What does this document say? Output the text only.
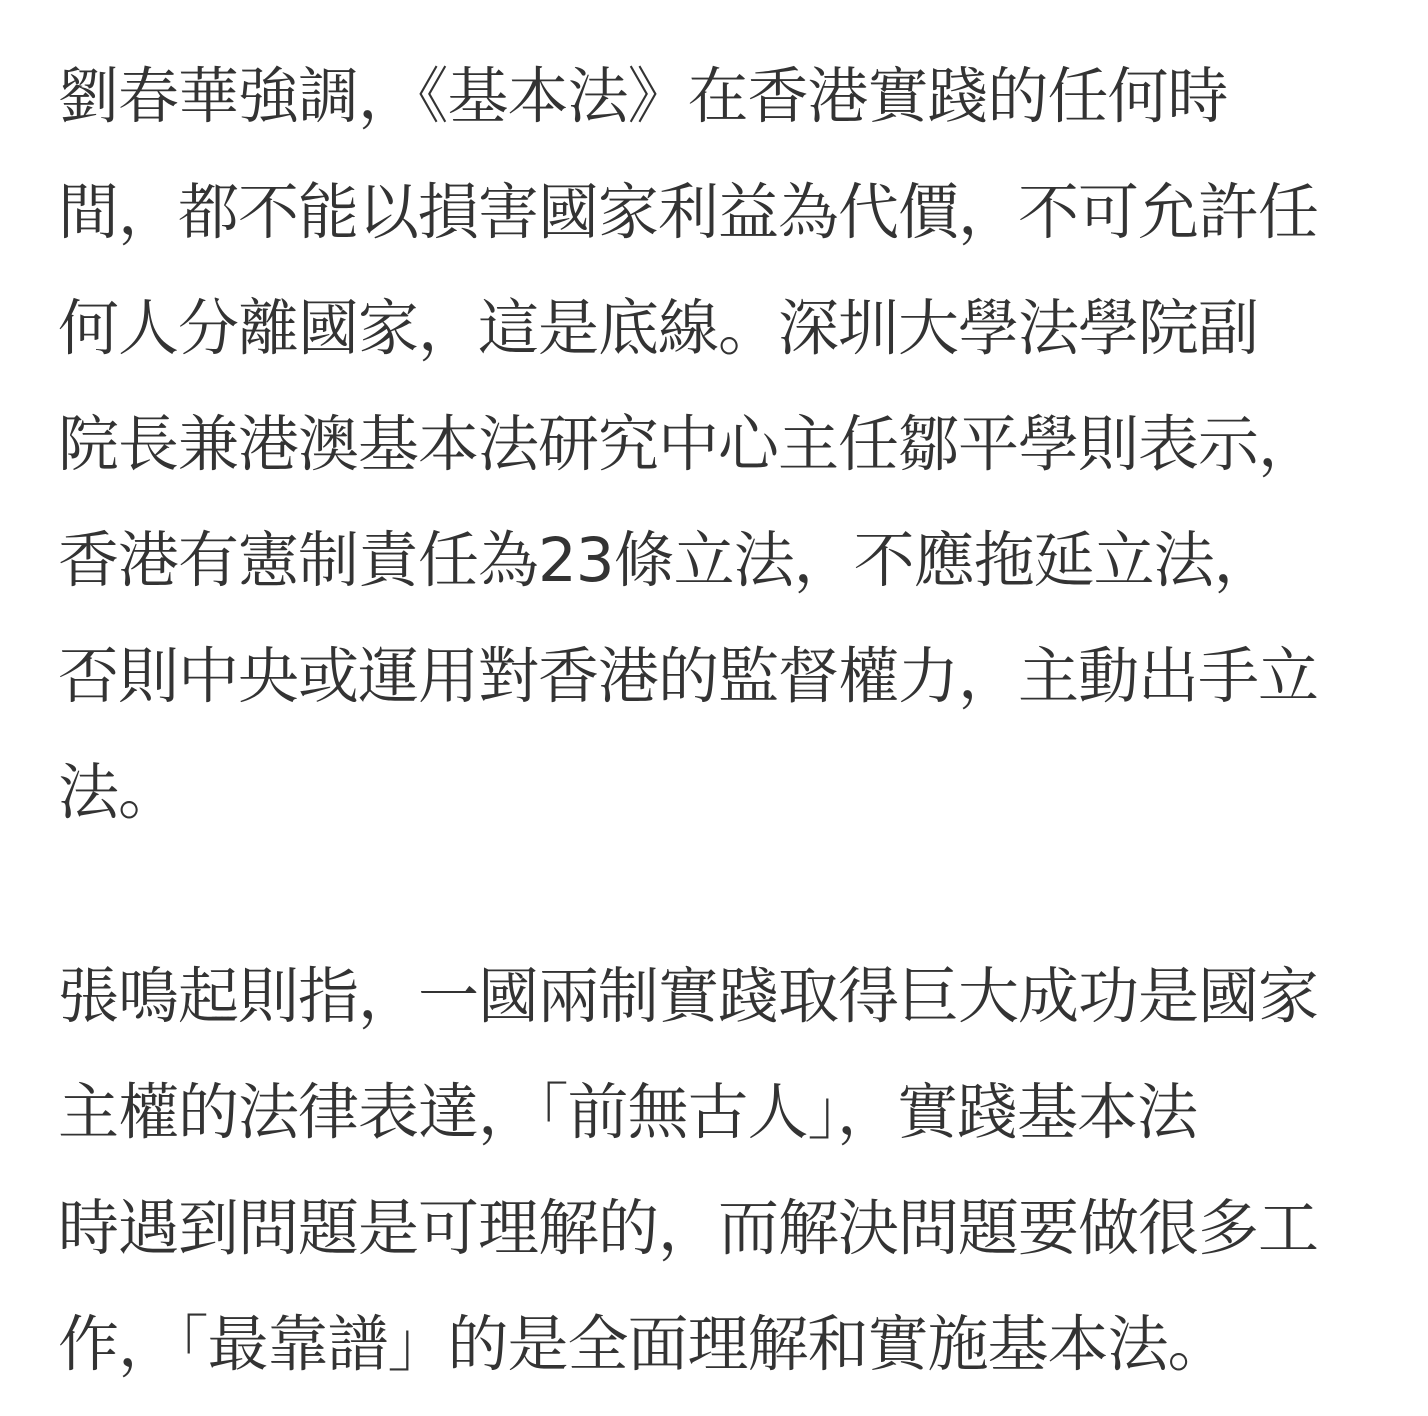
劉春華強調，《基本法》在香港實踐的任何時
間，都不能以損害國家利益為代價，不可允許任
何人分離國家，這是底線。深圳大學法學院副
院長兼港澳基本法研究中心主任鄒平學則表示，
香港有憲制責任為23條立法，不應拖延立法，
否則中央或運用對香港的監督權力，主動出手立
法。

張鳴起則指，一國兩制實踐取得巨大成功是國家
主權的法律表達，「前無古人」，實踐基本法
時遇到問題是可理解的，而解決問題要做很多工
作，「最靠譜」的是全面理解和實施基本法。
